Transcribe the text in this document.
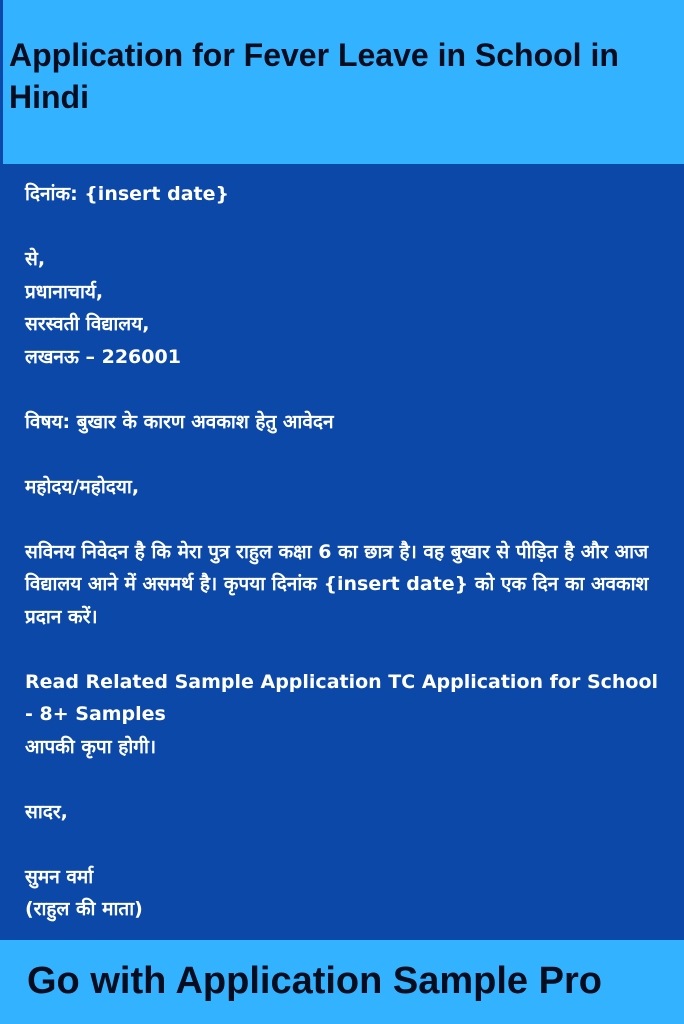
Application for Fever Leave in School in Hindi
दिनांक: {insert date}
से,
प्रधानाचार्य,
सरस्वती विद्यालय,
लखनऊ – 226001
विषय: बुखार के कारण अवकाश हेतु आवेदन
महोदय/महोदया,
सविनय निवेदन है कि मेरा पुत्र राहुल कक्षा 6 का छात्र है। वह बुखार से पीड़ित है और आज विद्यालय आने में असमर्थ है। कृपया दिनांक {insert date} को एक दिन का अवकाश प्रदान करें।
Read Related Sample Application TC Application for School - 8+ Samples
आपकी कृपा होगी।
सादर,
सुमन वर्मा
(राहुल की माता)

Go with Application Sample Pro
